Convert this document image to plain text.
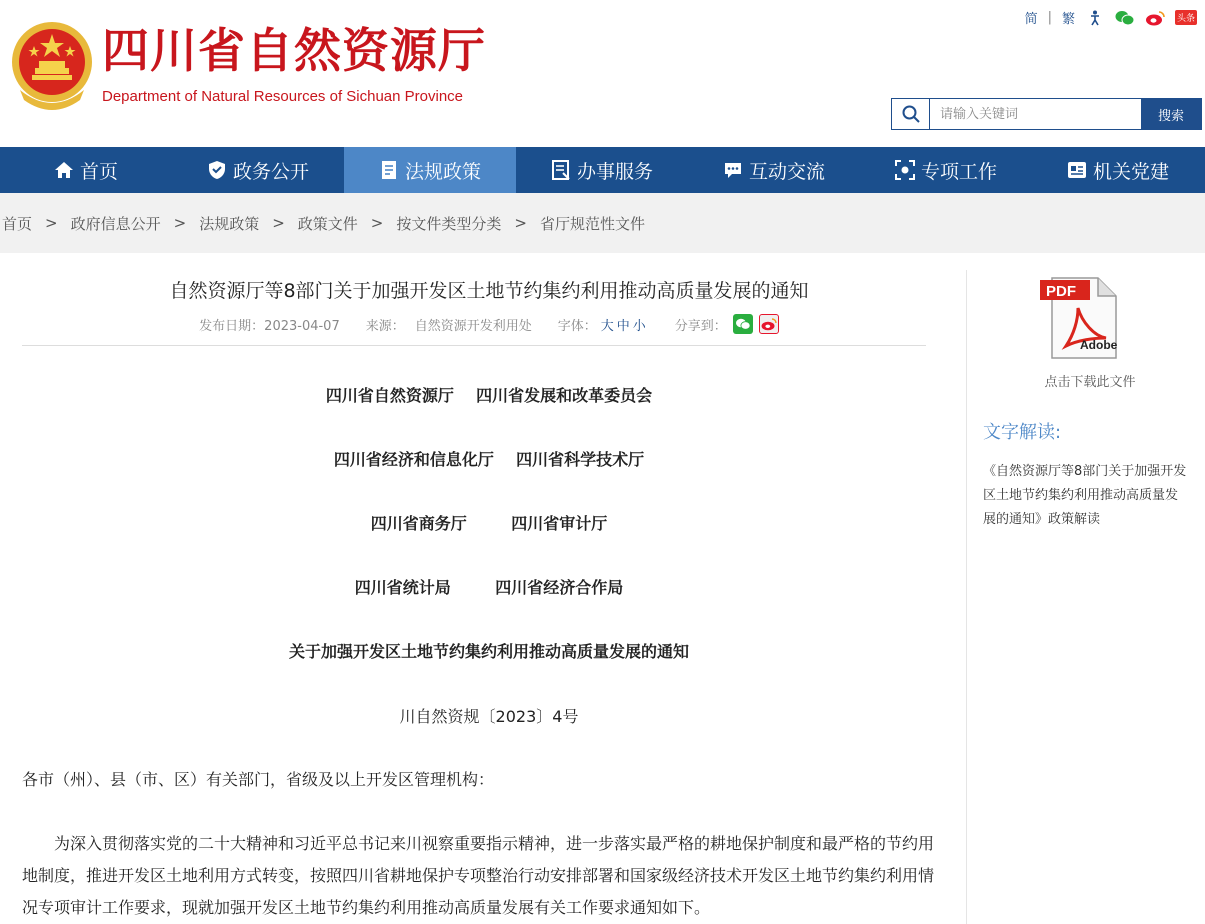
四川省自然资源厅
Department of Natural Resources of Sichuan Province
简 | 繁	头条
请输入关键词
搜索
首页	政务公开	法规政策	办事服务	互动交流	专项工作	机关党建
首页 > 政府信息公开 > 法规政策 > 政策文件 > 按文件类型分类 > 省厅规范性文件
自然资源厅等8部门关于加强开发区土地节约集约利用推动高质量发展的通知
发布日期：2023-04-07 来源： 自然资源开发利用处 字体： 大中小 分享到：
四川省自然资源厅    四川省发展和改革委员会
四川省经济和信息化厅    四川省科学技术厅
四川省商务厅        四川省审计厅
四川省统计局        四川省经济合作局
关于加强开发区土地节约集约利用推动高质量发展的通知
川自然资规〔2023〕4号
各市（州）、县（市、区）有关部门，省级及以上开发区管理机构：
为深入贯彻落实党的二十大精神和习近平总书记来川视察重要指示精神，进一步落实最严格的耕地保护制度和最严格的节约用地制度，推进开发区土地利用方式转变，按照四川省耕地保护专项整治行动安排部署和国家级经济技术开发区土地节约集约利用情况专项审计工作要求，现就加强开发区土地节约集约利用推动高质量发展有关工作要求通知如下。
PDF
Adobe
点击下载此文件
文字解读:
《自然资源厅等8部门关于加强开发区土地节约集约利用推动高质量发展的通知》政策解读
